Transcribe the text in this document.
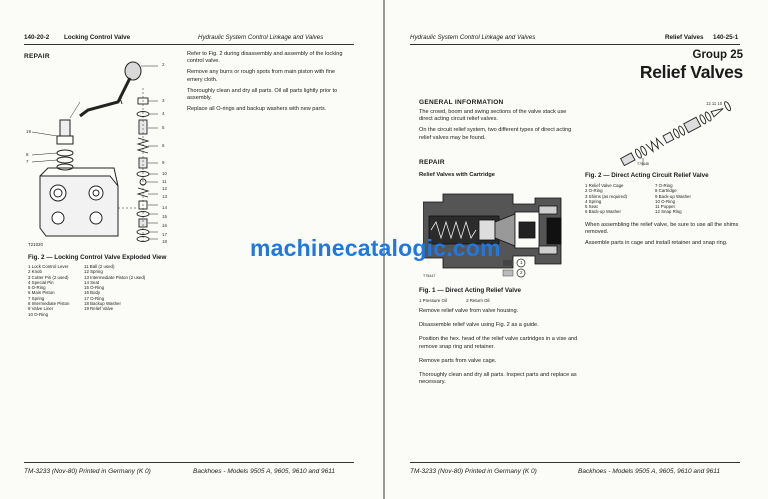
140-20-2 Locking Control Valve	Hydraulic System Control Linkage and Valves
REPAIR
2
3
4
5
6
9
10
11
12
13
14
15
16
17
18
19
8
7
1

Refer to Fig. 2 during disassembly and assembly of the locking control valve.

Remove any burrs or rough spots from main piston with fine emery cloth.

Thoroughly clean and dry all parts. Oil all parts lightly prior to assembly.

Replace all O-rings and backup washers with new parts.

T21020
Fig. 2 — Locking Control Valve Exploded View
1 Lock Control Lever
2 Knob
3 Cotter Pin (2 used)
4 Special Pin
5 O-Ring
6 Main Piston
7 Spring
8 Intermediate Piston
9 Valve Liner
10 O-Ring
11 Ball (2 used)
12 Spring
13 Intermediate Piston (2 used)
14 Seat
15 O-Ring
16 Body
17 O-Ring
18 Backup Washer
19 Relief Valve
TM-3233 (Nov-80) Printed in Germany (K 0)	Backhoes - Models 9505 A, 9605, 9610 and 9611
Hydraulic System Control Linkage and Valves	Relief Valves 140-25-1
Group 25
Relief Valves
12 11 10
T75448
GENERAL INFORMATION

The crowd, boom and swing sections of the valve stack use direct acting circuit relief valves.

On the circuit relief system, two different types of direct acting relief valves may be found.

REPAIR
Relief Valves with Cartridge
1
2
T75447
Fig. 1 — Direct Acting Relief Valve
1 Pressure Oil	2 Return Oil

Remove relief valve from valve housing.

Disassemble relief valve using Fig. 2 as a guide.

Position the hex. head of the relief valve cartridges in a vise and remove snap ring and retainer.

Remove parts from valve cage.

Thoroughly clean and dry all parts. Inspect parts and replace as necessary.

Fig. 2 — Direct Acting Circuit Relief Valve
1 Relief Valve Cage
2 O-Ring
3 Shims (as required)
4 Spring
5 Seat
6 Back-up Washer
7 O-Ring
8 Cartridge
9 Back-up Washer
10 O-Ring
11 Poppet
12 Snap Ring

When assembling the relief valve, be sure to use all the shims removed.

Assemble parts in cage and install retainer and snap ring.

TM-3233 (Nov-80) Printed in Germany (K 0)	Backhoes - Models 9505 A, 9605, 9610 and 9611
machinecatalogic.com
